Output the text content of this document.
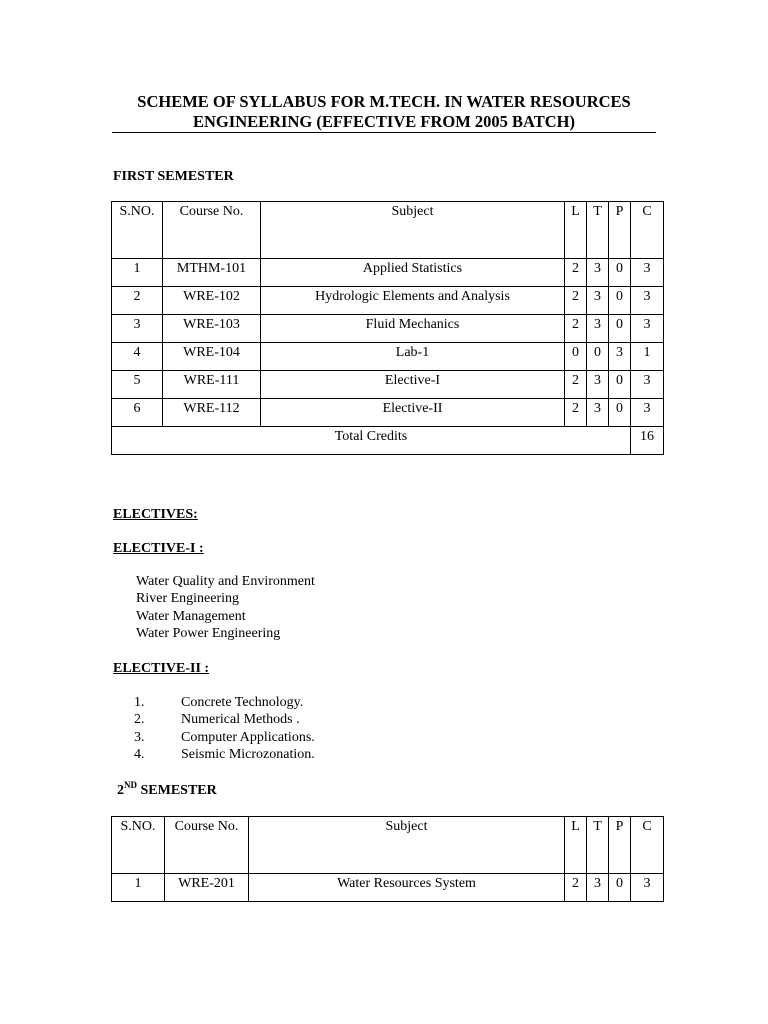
SCHEME OF SYLLABUS FOR M.TECH. IN WATER RESOURCES
ENGINEERING (EFFECTIVE FROM 2005 BATCH)

FIRST SEMESTER

S.NO.	Course No.	Subject	L	T	P	C
1	MTHM-101	Applied Statistics	2	3	0	3
2	WRE-102	Hydrologic Elements and Analysis	2	3	0	3
3	WRE-103	Fluid Mechanics	2	3	0	3
4	WRE-104	Lab-1	0	0	3	1
5	WRE-111	Elective-I	2	3	0	3
6	WRE-112	Elective-II	2	3	0	3
Total Credits						16

ELECTIVES:

ELECTIVE-I :

Water Quality and Environment
River Engineering
Water Management
Water Power Engineering

ELECTIVE-II :

1.	Concrete Technology.
2.	Numerical Methods .
3.	Computer Applications.
4.	Seismic Microzonation.

2ND SEMESTER

S.NO.	Course No.	Subject	L	T	P	C
1	WRE-201	Water Resources System	2	3	0	3
